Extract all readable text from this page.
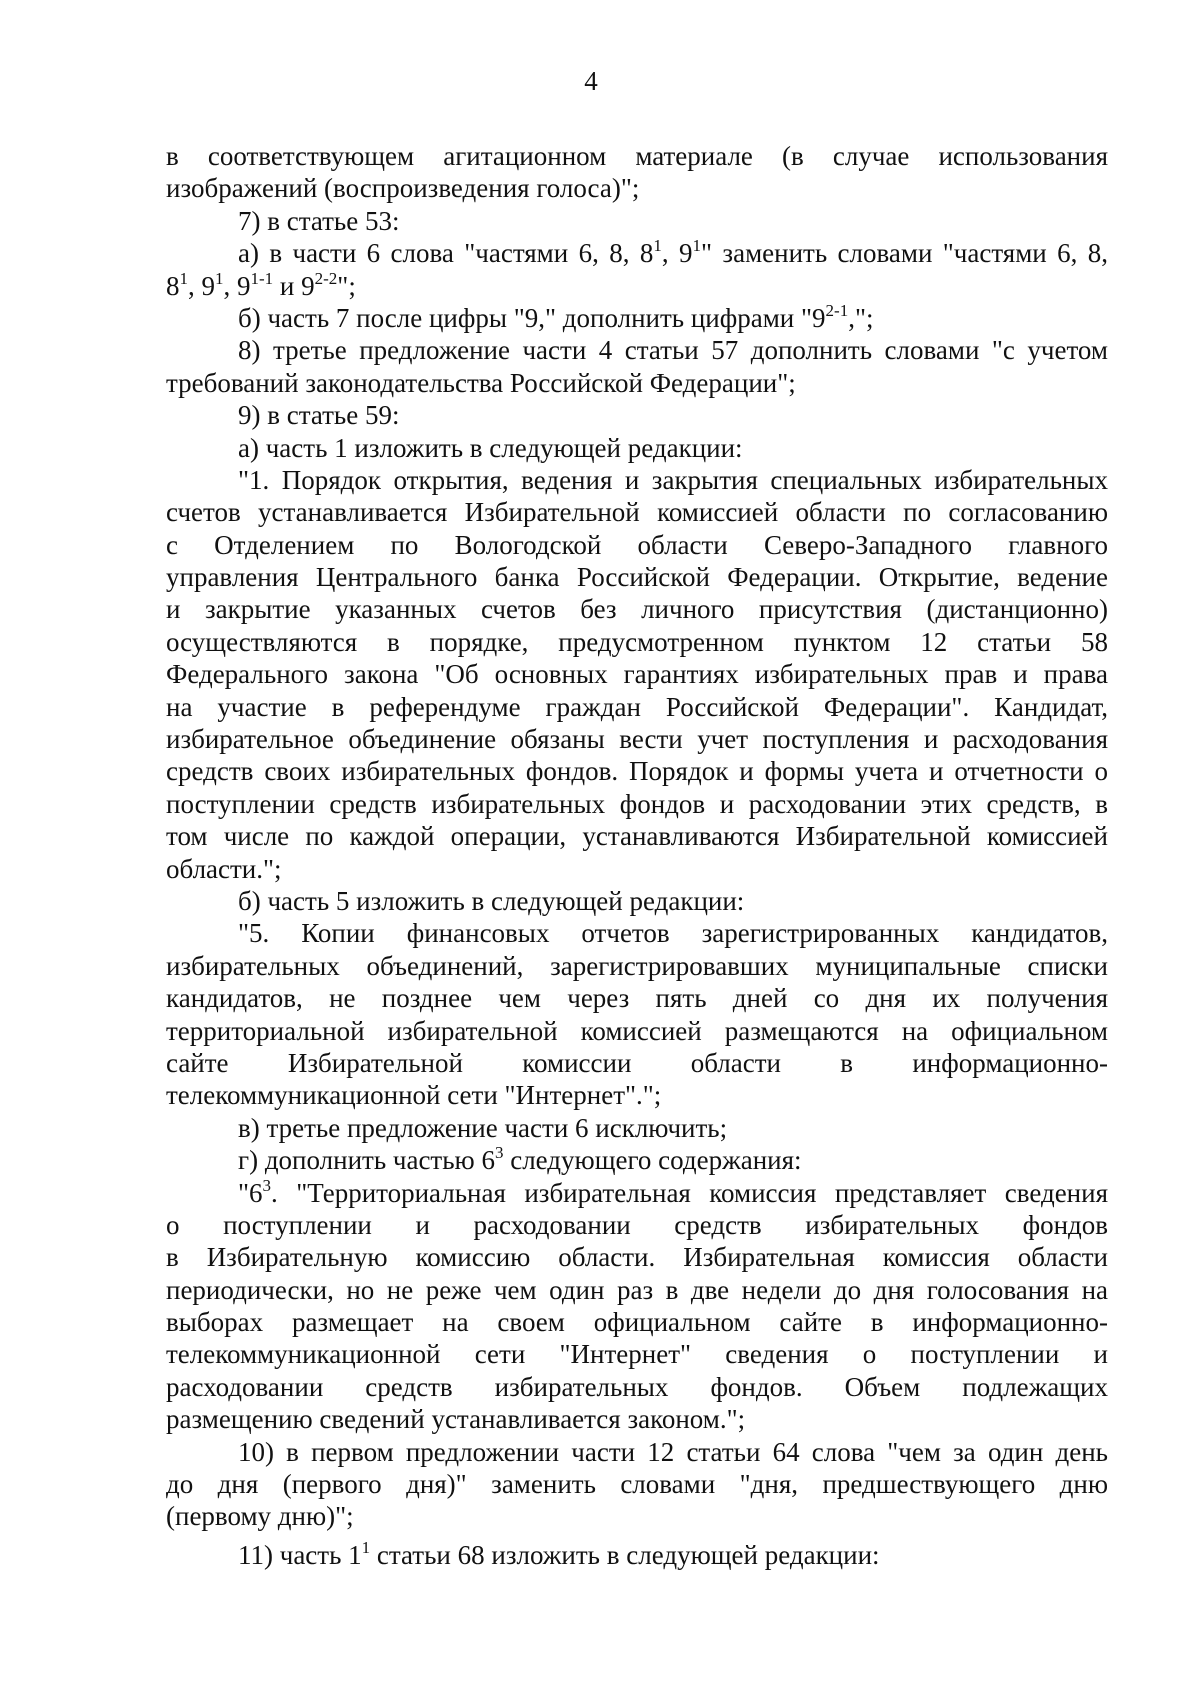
4
в соответствующем агитационном материале (в случае использования
изображений (воспроизведения голоса)";
7) в статье 53:
а) в части 6 слова "частями 6, 8, $8^1$, $9^1$" заменить словами "частями 6, 8,
$8^1$, $9^1$, 9$^{1-1}$ и 9$^{2-2}$";
б) часть 7 после цифры "9," дополнить цифрами "9$^{2-1}$,";
8) третье предложение части 4 статьи 57 дополнить словами "с учетом
требований законодательства Российской Федерации";
9) в статье 59:
а) часть 1 изложить в следующей редакции:
"1. Порядок открытия, ведения и закрытия специальных избирательных
счетов устанавливается Избирательной комиссией области по согласованию
с Отделением по Вологодской области Северо-Западного главного
управления Центрального банка Российской Федерации. Открытие, ведение
и закрытие указанных счетов без личного присутствия (дистанционно)
осуществляются в порядке, предусмотренном пунктом 12 статьи 58
Федерального закона "Об основных гарантиях избирательных прав и права
на участие в референдуме граждан Российской Федерации". Кандидат,
избирательное объединение обязаны вести учет поступления и расходования
средств своих избирательных фондов. Порядок и формы учета и отчетности о
поступлении средств избирательных фондов и расходовании этих средств, в
том числе по каждой операции, устанавливаются Избирательной комиссией
области.";
б) часть 5 изложить в следующей редакции:
"5. Копии финансовых отчетов зарегистрированных кандидатов,
избирательных объединений, зарегистрировавших муниципальные списки
кандидатов, не позднее чем через пять дней со дня их получения
территориальной избирательной комиссией размещаются на официальном
сайте Избирательной комиссии области в информационно-
телекоммуникационной сети "Интернет".";
в) третье предложение части 6 исключить;
г) дополнить частью $6^3$ следующего содержания:
"$6^3$. "Территориальная избирательная комиссия представляет сведения
о поступлении и расходовании средств избирательных фондов
в Избирательную комиссию области. Избирательная комиссия области
периодически, но не реже чем один раз в две недели до дня голосования на
выборах размещает на своем официальном сайте в информационно-
телекоммуникационной сети "Интернет" сведения о поступлении и
расходовании средств избирательных фондов. Объем подлежащих
размещению сведений устанавливается законом.";
10) в первом предложении части 12 статьи 64 слова "чем за один день
до дня (первого дня)" заменить словами "дня, предшествующего дню
(первому дню)";
11) часть $1^1$ статьи 68 изложить в следующей редакции:
